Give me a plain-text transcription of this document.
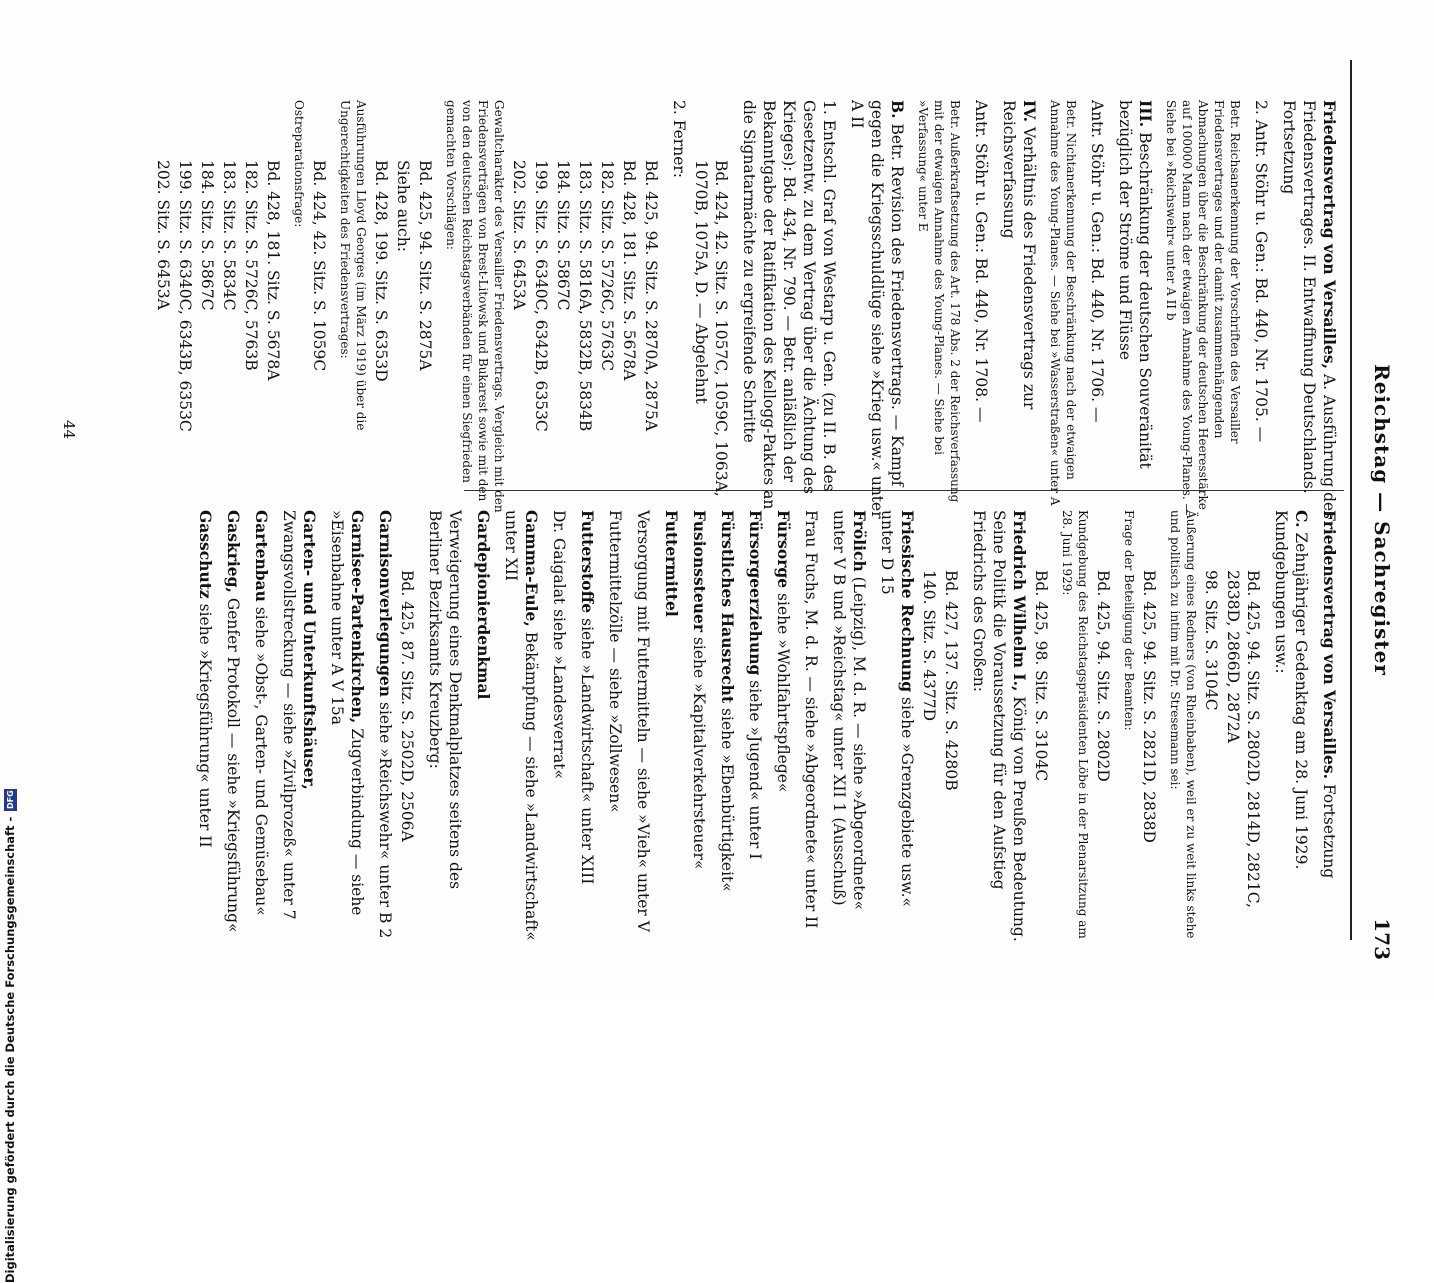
Reichstag — Sachregister
173
Friedensvertrag von Versailles, A. Ausführung des Friedensvertrages. II. Entwaffnung Deutschlands. Fortsetzung
2. Antr. Stöhr u. Gen.: Bd. 440, Nr. 1705. —
Betr. Reichsanerkennung der Vorschriften des Versailler Friedensvertrages und der damit zusammenhängenden Abmachungen über die Beschränkung der deutschen Heeresstärke auf 100000 Mann nach der etwaigen Annahme des Young-Planes. — Siehe bei »Reichswehr« unter A II b
III. Beschränkung der deutschen Souveränität bezüglich der Ströme und Flüsse
Antr. Stöhr u. Gen.: Bd. 440, Nr. 1706. —
Betr. Nichtanerkennung der Beschränkung nach der etwaigen Annahme des Young-Planes. — Siehe bei »Wasserstraßen« unter A
IV. Verhältnis des Friedensvertrags zur Reichsverfassung
Antr. Stöhr u. Gen.: Bd. 440, Nr. 1708. —
Betr. Außerkraftsetzung des Art. 178 Abs. 2 der Reichsverfassung mit der etwaigen Annahme des Young-Planes. — Siehe bei »Verfassung« unter E
B. Betr. Revision des Friedensvertrags. — Kampf gegen die Kriegsschuldlüge siehe »Krieg usw.« unter A II
1. Entschl. Graf von Westarp u. Gen. (zu II. B. des Gesetzentw. zu dem Vertrag über die Ächtung des Krieges): Bd. 434, Nr. 790. — Betr. anläßlich der Bekanntgabe der Ratifikation des Kellogg-Paktes an die Signatarmächte zu ergreifende Schritte
Bd. 424, 42. Sitz. S. 1057C, 1059C, 1063A, 1070B, 1075A, D. — Abgelehnt
2. Ferner:
Bd. 425, 94. Sitz. S. 2870A, 2875A
Bd. 428, 181. Sitz. S. 5678A
182. Sitz. S. 5726C, 5763C
183. Sitz. S. 5816A, 5832B, 5834B
184. Sitz. S. 5867C
199. Sitz. S. 6340C, 6342B, 6353C
202. Sitz. S. 6453A
Gewaltcharakter des Versailler Friedensvertrags. Vergleich mit den Friedensverträgen von Brest-Litowsk und Bukarest sowie mit den von den deutschen Reichstagsverbänden für einen Siegfrieden gemachten Vorschlägen:
Bd. 425, 94. Sitz. S. 2875A
Siehe auch:
Bd. 428, 199. Sitz. S. 6353D
Ausführungen Lloyd Georges (im März 1919) über die Ungerechtigkeiten des Friedensvertrages:
Bd. 424, 42. Sitz. S. 1059C
Ostreparationsfrage:
Bd. 428, 181. Sitz. S. 5678A
182. Sitz. S. 5726C, 5763B
183. Sitz. S. 5834C
184. Sitz. S. 5867C
199. Sitz. S. 6340C, 6343B, 6353C
202. Sitz. S. 6453A
Friedensvertrag von Versailles. Fortsetzung
C. Zehnjähriger Gedenktag am 28. Juni 1929. Kundgebungen usw.:
Bd. 425, 94. Sitz. S. 2802D, 2814D, 2821C, 2838D, 2866D, 2872A
98. Sitz. S. 3104C
Äußerung eines Redners (von Rheinbaben), weil er zu weit links stehe und politisch zu intim mit Dr. Stresemann sei:
Bd. 425, 94. Sitz. S. 2821D, 2838D
Frage der Beteiligung der Beamten:
Bd. 425, 94. Sitz. S. 2802D
Kundgebung des Reichstagspräsidenten Löbe in der Plenarsitzung am 28. Juni 1929:
Bd. 425, 98. Sitz. S. 3104C
Friedrich Wilhelm I., König von Preußen Bedeutung. Seine Politik die Voraussetzung für den Aufstieg Friedrichs des Großen:
Bd. 427, 137. Sitz. S. 4280B
140. Sitz. S. 4377D
Friesische Rechnung siehe »Grenzgebiete usw.« unter D 15
Frölich (Leipzig), M. d. R. — siehe »Abgeordnete« unter V B und »Reichstag« unter XII 1 (Ausschuß)
Frau Fuchs, M. d. R. — siehe »Abgeordnete« unter II
Fürsorge siehe »Wohlfahrtspflege«
Fürsorgeerziehung siehe »Jugend« unter I
Fürstliches Hausrecht siehe »Ebenbürtigkeit«
Fusionssteuer siehe »Kapitalverkehrsteuer«
Futtermittel
Versorgung mit Futtermitteln — siehe »Vieh« unter V
Futtermittelzölle — siehe »Zollwesen«
Futterstoffe siehe »Landwirtschaft« unter XIII
Dr. Gaigalat siehe »Landesverrat«
Gamma-Eule, Bekämpfung — siehe »Landwirtschaft« unter XII
Gardepionierdenkmal
Verweigerung eines Denkmalplatzes seitens des Berliner Bezirksamts Kreuzberg:
Bd. 425, 87. Sitz. S. 2502D, 2506A
Garnisonverlegungen siehe »Reichswehr« unter B 2
Garnisee-Partenkirchen, Zugverbindung — siehe »Eisenbahne unter A V 15a
Garten- und Unterkunftshäuser, Zwangsvollstreckung — siehe »Zivilprozeß« unter 7
Gartenbau siehe »Obst-, Garten- und Gemüsebau«
Gaskrieg, Genfer Protokoll — siehe »Kriegsführung«
Gasschutz siehe »Kriegsführung« unter II
44
Digitalisierung gefördert durch die Deutsche Forschungsgemeinschaft -
DFG
